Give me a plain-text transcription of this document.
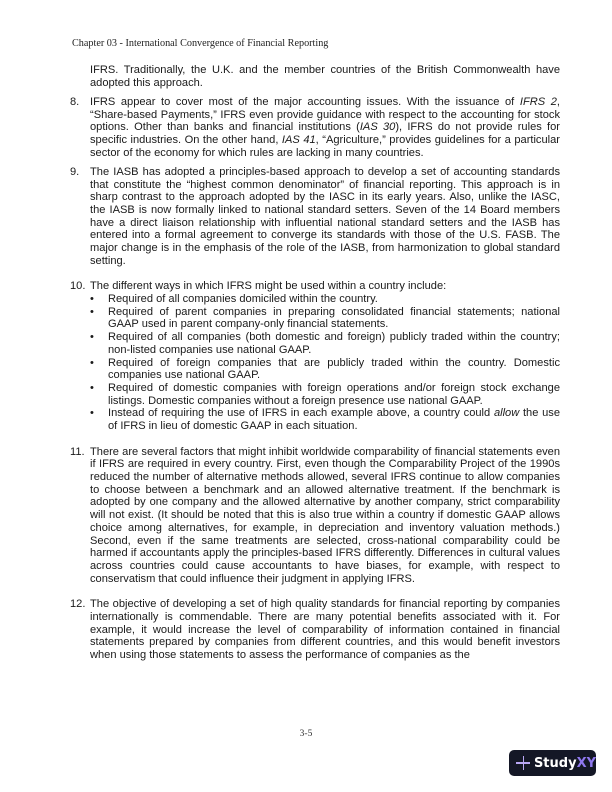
Chapter 03 - International Convergence of Financial Reporting
IFRS. Traditionally, the U.K. and the member countries of the British Commonwealth have adopted this approach.
8. IFRS appear to cover most of the major accounting issues. With the issuance of IFRS 2, “Share-based Payments,” IFRS even provide guidance with respect to the accounting for stock options. Other than banks and financial institutions (IAS 30), IFRS do not provide rules for specific industries. On the other hand, IAS 41, “Agriculture,” provides guidelines for a particular sector of the economy for which rules are lacking in many countries.
9. The IASB has adopted a principles-based approach to develop a set of accounting standards that constitute the “highest common denominator” of financial reporting. This approach is in sharp contrast to the approach adopted by the IASC in its early years. Also, unlike the IASC, the IASB is now formally linked to national standard setters. Seven of the 14 Board members have a direct liaison relationship with influential national standard setters and the IASB has entered into a formal agreement to converge its standards with those of the U.S. FASB. The major change is in the emphasis of the role of the IASB, from harmonization to global standard setting.
10. The different ways in which IFRS might be used within a country include:
• Required of all companies domiciled within the country.
• Required of parent companies in preparing consolidated financial statements; national GAAP used in parent company-only financial statements.
• Required of all companies (both domestic and foreign) publicly traded within the country; non-listed companies use national GAAP.
• Required of foreign companies that are publicly traded within the country. Domestic companies use national GAAP.
• Required of domestic companies with foreign operations and/or foreign stock exchange listings. Domestic companies without a foreign presence use national GAAP.
• Instead of requiring the use of IFRS in each example above, a country could allow the use of IFRS in lieu of domestic GAAP in each situation.
11. There are several factors that might inhibit worldwide comparability of financial statements even if IFRS are required in every country. First, even though the Comparability Project of the 1990s reduced the number of alternative methods allowed, several IFRS continue to allow companies to choose between a benchmark and an allowed alternative treatment. If the benchmark is adopted by one company and the allowed alternative by another company, strict comparability will not exist. (It should be noted that this is also true within a country if domestic GAAP allows choice among alternatives, for example, in depreciation and inventory valuation methods.) Second, even if the same treatments are selected, cross-national comparability could be harmed if accountants apply the principles-based IFRS differently. Differences in cultural values across countries could cause accountants to have biases, for example, with respect to conservatism that could influence their judgment in applying IFRS.
12. The objective of developing a set of high quality standards for financial reporting by companies internationally is commendable. There are many potential benefits associated with it. For example, it would increase the level of comparability of information contained in financial statements prepared by companies from different countries, and this would benefit investors when using those statements to assess the performance of companies as the
3-5
Study XY
